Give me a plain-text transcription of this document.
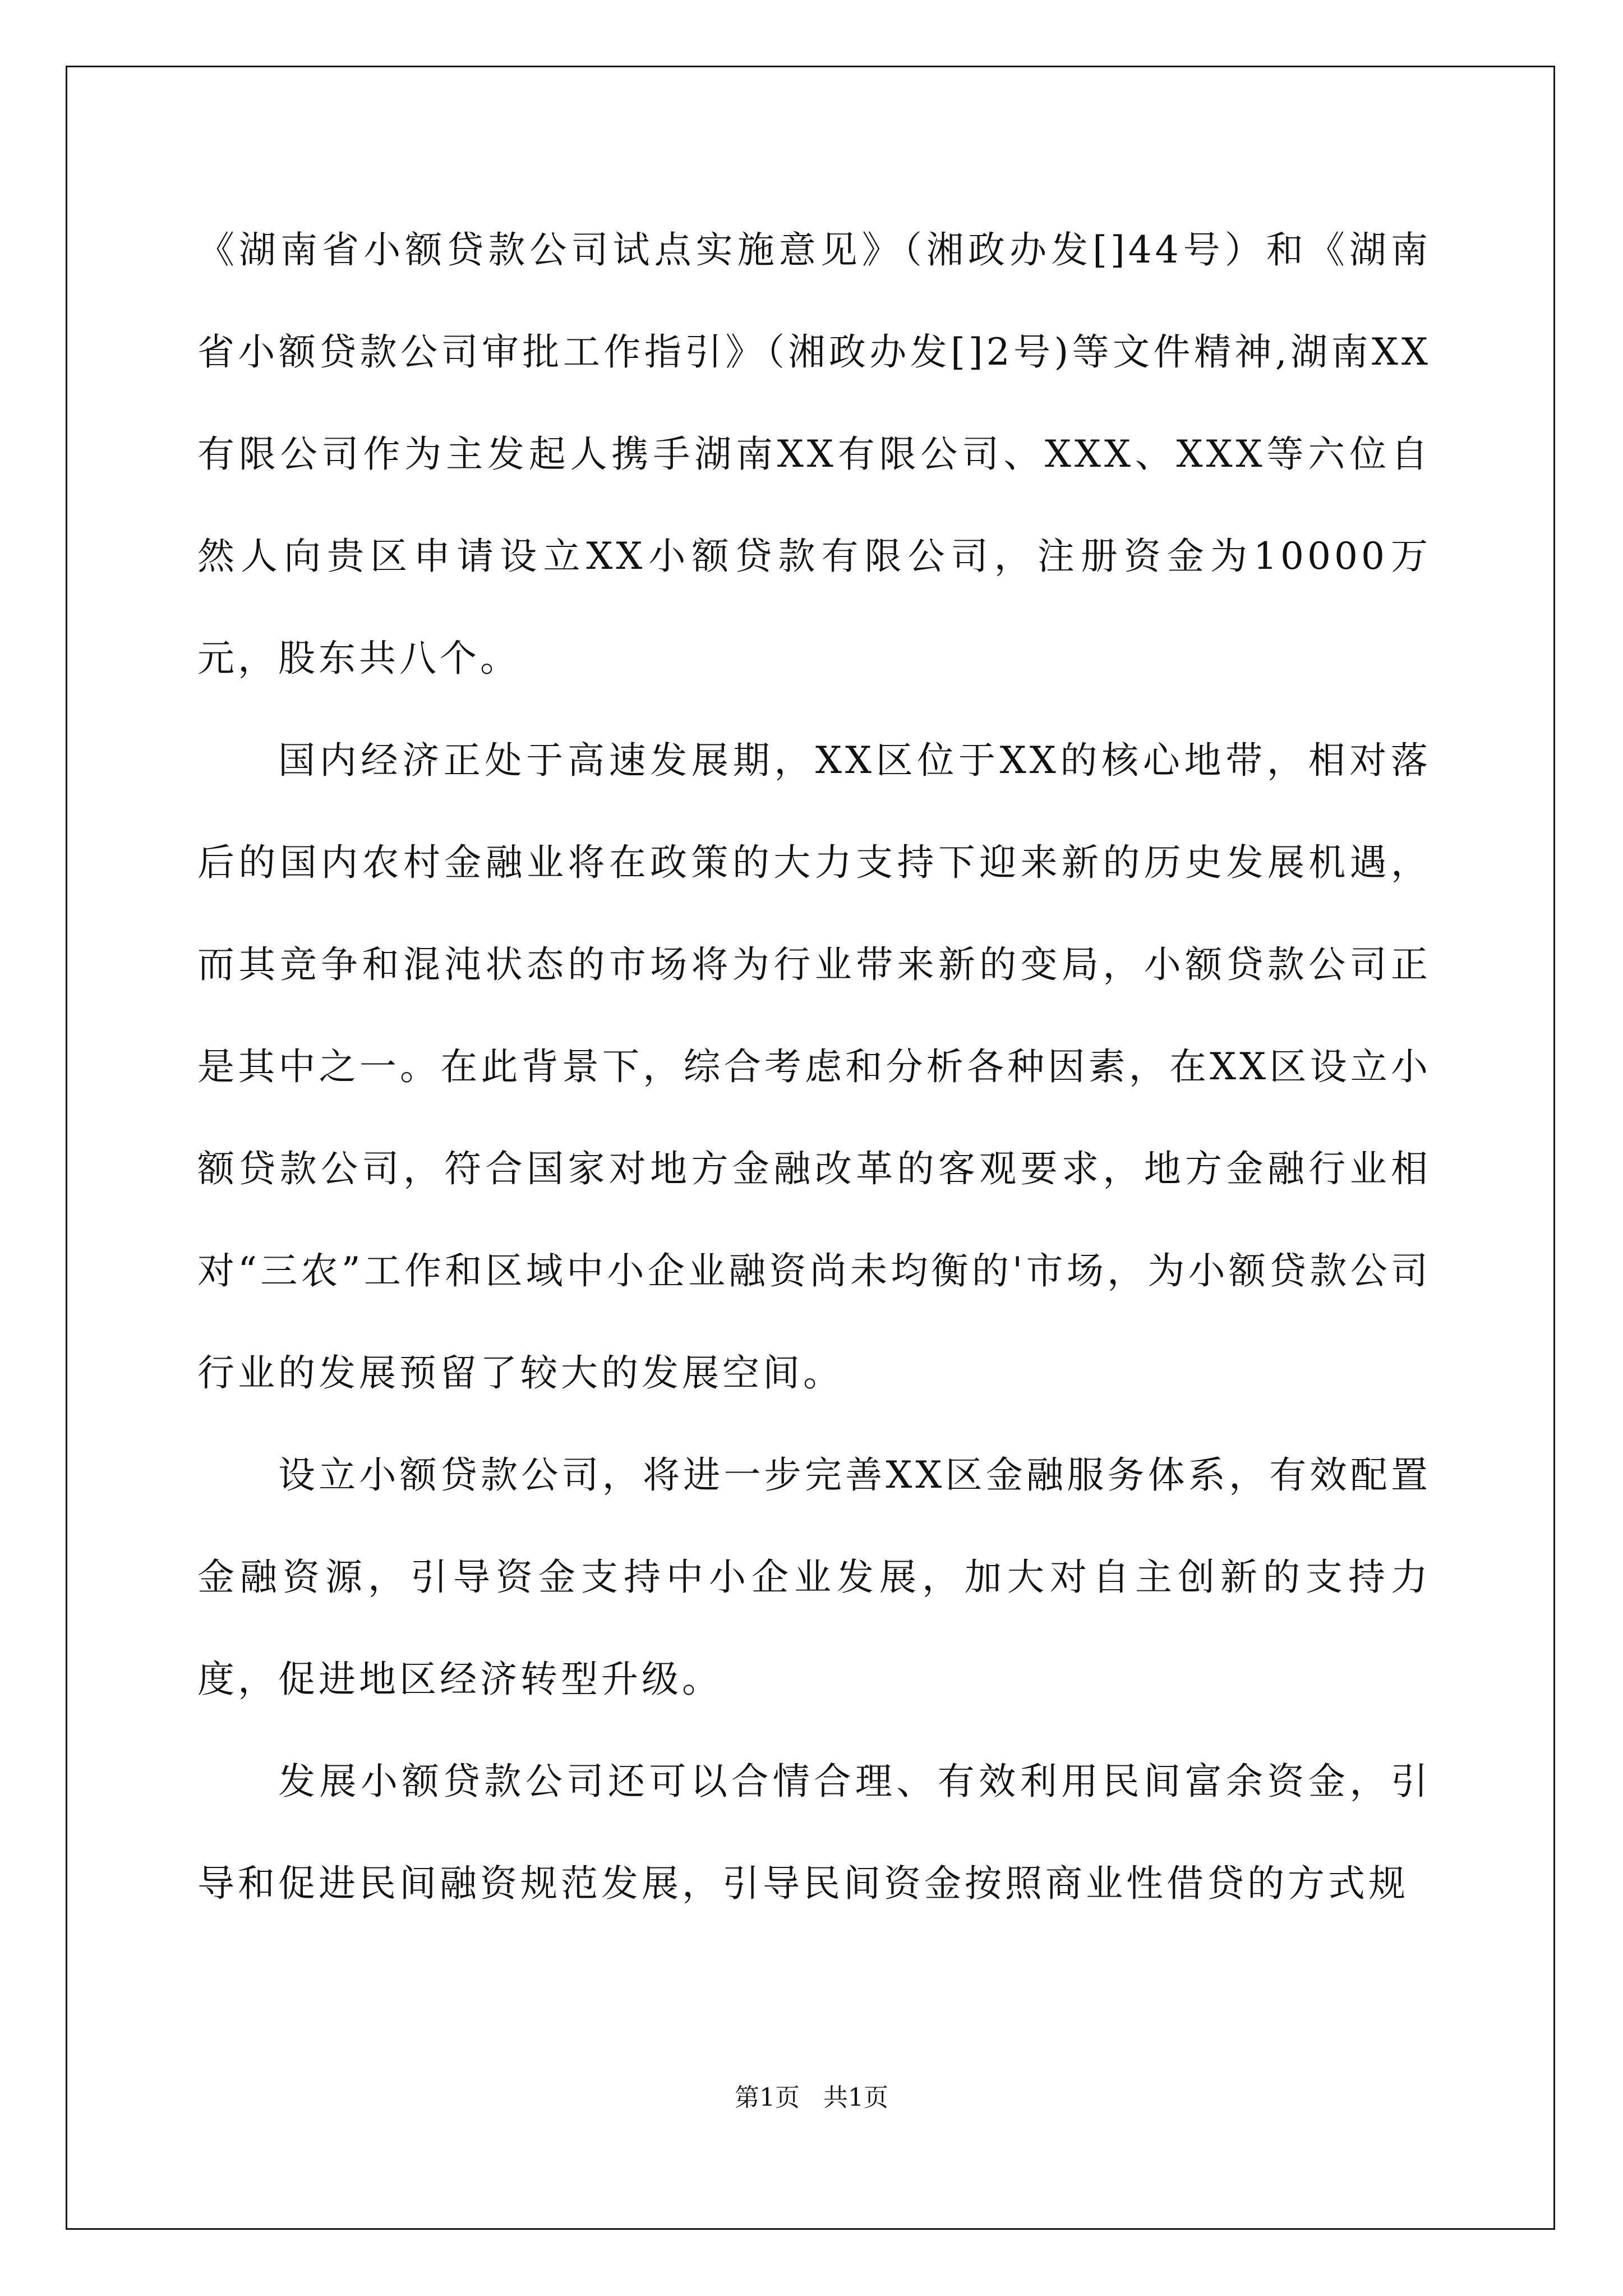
《湖南省小额贷款公司试点实施意见》（湘政办发[]44号）和《湖南省小额贷款公司审批工作指引》（湘政办发[]2号)等文件精神,湖南XX有限公司作为主发起人携手湖南XX有限公司、XXX、XXX等六位自然人向贵区申请设立XX小额贷款有限公司，注册资金为10000万元，股东共八个。

国内经济正处于高速发展期，XX区位于XX的核心地带，相对落后的国内农村金融业将在政策的大力支持下迎来新的历史发展机遇，而其竞争和混沌状态的市场将为行业带来新的变局，小额贷款公司正是其中之一。在此背景下，综合考虑和分析各种因素，在XX区设立小额贷款公司，符合国家对地方金融改革的客观要求，地方金融行业相对“三农”工作和区域中小企业融资尚未均衡的'市场，为小额贷款公司行业的发展预留了较大的发展空间。

设立小额贷款公司，将进一步完善XX区金融服务体系，有效配置金融资源，引导资金支持中小企业发展，加大对自主创新的支持力度，促进地区经济转型升级。

发展小额贷款公司还可以合情合理、有效利用民间富余资金，引导和促进民间融资规范发展，引导民间资金按照商业性借贷的方式规

第1页   共1页
